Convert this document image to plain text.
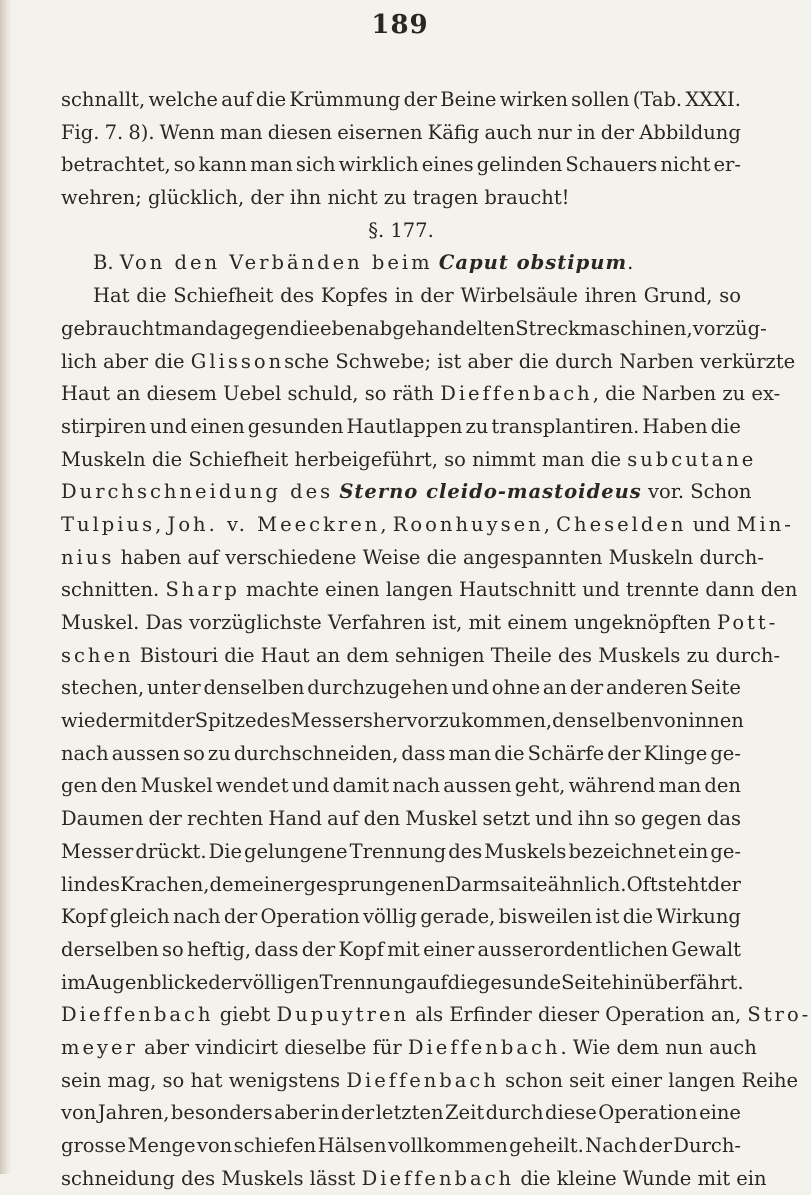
189
schnallt, welche auf die Krümmung der Beine wirken sollen (Tab. XXXI.
Fig. 7. 8). Wenn man diesen eisernen Käfig auch nur in der Abbildung
betrachtet, so kann man sich wirklich eines gelinden Schauers nicht er-
wehren; glücklich, der ihn nicht zu tragen braucht!
§. 177.
B. Von den Verbänden beim Caput obstipum.
Hat die Schiefheit des Kopfes in der Wirbelsäule ihren Grund, so
gebraucht man dagegen die eben abgehandelten Streckmaschinen, vorzüg-
lich aber die Glissonsche Schwebe; ist aber die durch Narben verkürzte
Haut an diesem Uebel schuld, so räth Dieffenbach, die Narben zu ex-
stirpiren und einen gesunden Hautlappen zu transplantiren. Haben die
Muskeln die Schiefheit herbeigeführt, so nimmt man die subcutane
Durchschneidung des Sterno cleido-mastoideus vor. Schon
Tulpius, Joh. v. Meeckren, Roonhuysen, Cheselden und Min-
nius haben auf verschiedene Weise die angespannten Muskeln durch-
schnitten. Sharp machte einen langen Hautschnitt und trennte dann den
Muskel. Das vorzüglichste Verfahren ist, mit einem ungeknöpften Pott-
schen Bistouri die Haut an dem sehnigen Theile des Muskels zu durch-
stechen, unter denselben durchzugehen und ohne an der anderen Seite
wieder mit der Spitze des Messers hervorzukommen, denselben von innen
nach aussen so zu durchschneiden, dass man die Schärfe der Klinge ge-
gen den Muskel wendet und damit nach aussen geht, während man den
Daumen der rechten Hand auf den Muskel setzt und ihn so gegen das
Messer drückt. Die gelungene Trennung des Muskels bezeichnet ein ge-
lindes Krachen, dem einer gesprungenen Darmsaite ähnlich. Oft steht der
Kopf gleich nach der Operation völlig gerade, bisweilen ist die Wirkung
derselben so heftig, dass der Kopf mit einer ausserordentlichen Gewalt
im Augenblicke der völligen Trennung auf die gesunde Seite hinüberfährt.
Dieffenbach giebt Dupuytren als Erfinder dieser Operation an, Stro-
meyer aber vindicirt dieselbe für Dieffenbach. Wie dem nun auch
sein mag, so hat wenigstens Dieffenbach schon seit einer langen Reihe
von Jahren, besonders aber in der letzten Zeit durch diese Operation eine
grosse Menge von schiefen Hälsen vollkommen geheilt. Nach der Durch-
schneidung des Muskels lässt Dieffenbach die kleine Wunde mit ein
